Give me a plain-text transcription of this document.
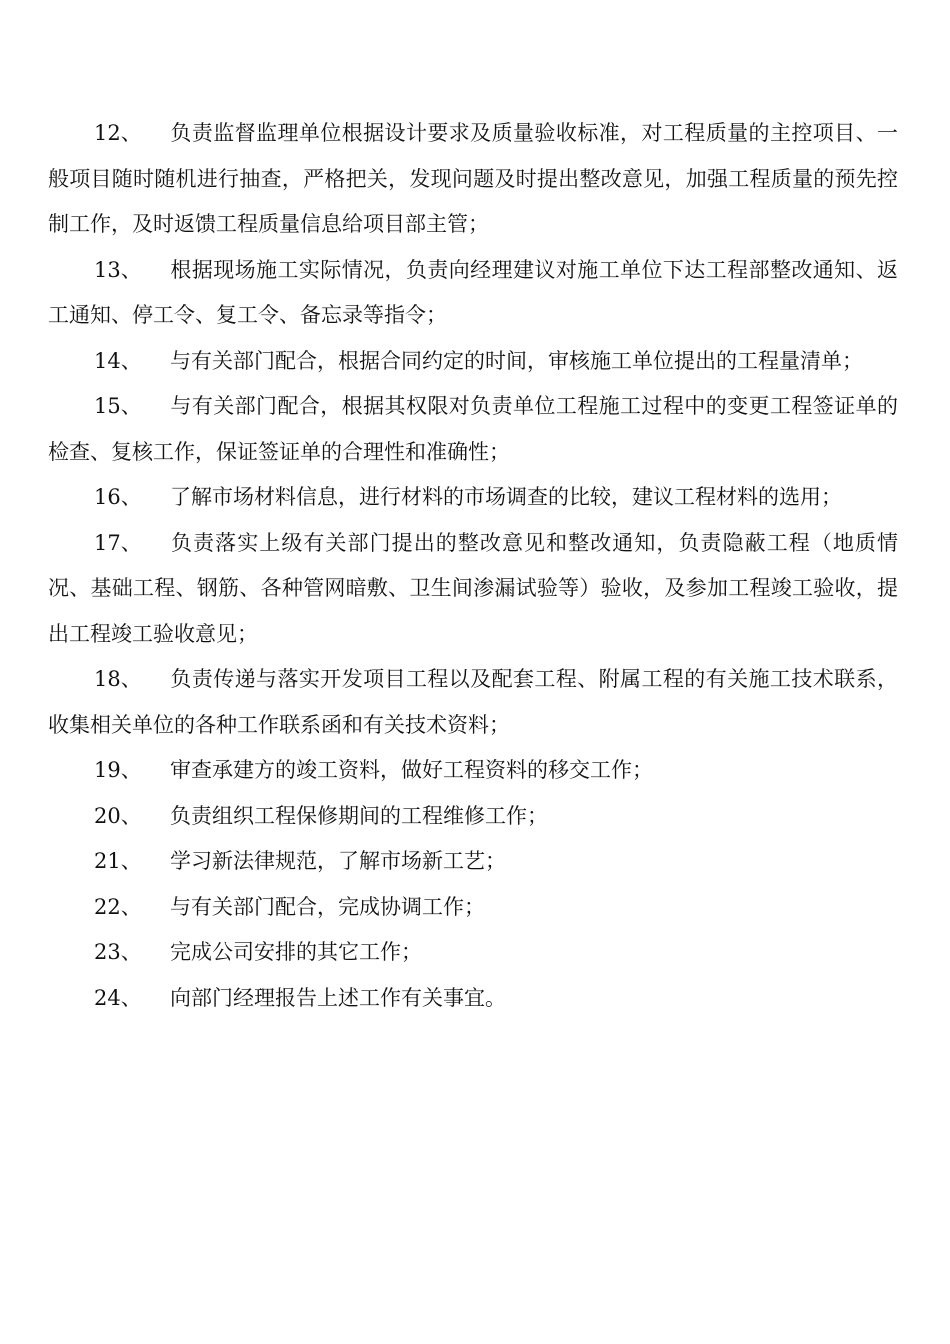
12、 负责监督监理单位根据设计要求及质量验收标准，对工程质量的主控项目、一般项目随时随机进行抽查，严格把关，发现问题及时提出整改意见，加强工程质量的预先控制工作，及时返馈工程质量信息给项目部主管；

13、 根据现场施工实际情况，负责向经理建议对施工单位下达工程部整改通知、返工通知、停工令、复工令、备忘录等指令；

14、 与有关部门配合，根据合同约定的时间，审核施工单位提出的工程量清单；

15、 与有关部门配合，根据其权限对负责单位工程施工过程中的变更工程签证单的检查、复核工作，保证签证单的合理性和准确性；

16、 了解市场材料信息，进行材料的市场调查的比较，建议工程材料的选用；

17、 负责落实上级有关部门提出的整改意见和整改通知，负责隐蔽工程（地质情况、基础工程、钢筋、各种管网暗敷、卫生间渗漏试验等）验收，及参加工程竣工验收，提出工程竣工验收意见；

18、 负责传递与落实开发项目工程以及配套工程、附属工程的有关施工技术联系，收集相关单位的各种工作联系函和有关技术资料；

19、 审查承建方的竣工资料，做好工程资料的移交工作；

20、 负责组织工程保修期间的工程维修工作；

21、 学习新法律规范，了解市场新工艺；

22、 与有关部门配合，完成协调工作；

23、 完成公司安排的其它工作；

24、 向部门经理报告上述工作有关事宜。
